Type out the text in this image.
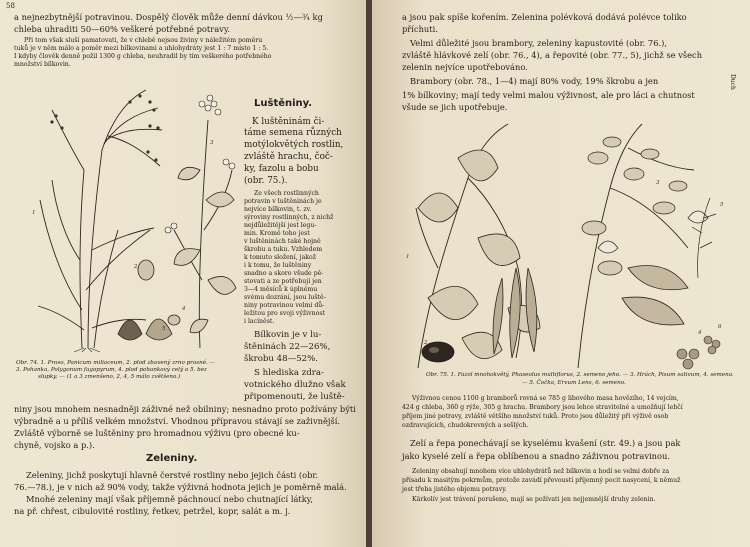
58
a nejnezbytnější potravinou. Dospělý člověk může denní dávkou ½—¾ kg
chleba uhraditi 50—60% veškeré potřebné potravy.
Při tom však sluší pamatovati, že v chlebě nejsou živiny v náležitém poměru
tuků je v něm málo a poměr mezi bílkovinami a uhlohydráty jest 1 : 7 místo 1 : 5.
I kdyby člověk denně požil 1300 g chleba, neuhradil by tím veškerého potřebného
množství bílkovin.
1
2
3
4
5
Luštěniny.
K luštěninám či-
táme semena různých
motýlokvětých rostlin,
zvláště hrachu, čoč-
ky, fazolu a bobu
(obr. 75.).
Ze všech rostlinných
potravin v luštěninách je
nejvíce bílkovin, t. zv.
sýroviny rostlinných, z nichž
nejdůležitější jest legu-
min. Kromě toho jest
v luštěninách také hojně
škrobu a tuku. Vzhledem
k tomuto složení, jakož
i k tomu, že luštěniny
snadno a skoro všude pě-
stovati a ze potřebují jen
3—4 měsíců k úplnému
svému dozrání, jsou luště-
niny potravinou velmi dů-
ležitou pro svoji výživnost
i laciněst.
Bílkovin je v lu-
štěninách 22—26%,
škrobu 48—52%.
S hlediska zdra-
votnického dlužno však
připomenouti, že luště-
Obr. 74. 1. Proso, Panicum miliaceum, 2. plod zbavený zrno prosné. —
3. Pohanka, Polygonum fagopyrum, 4. plod pohankový celý a 5. bez
slupky. — (1 a 3 zmenšeno, 2, 4, 5 málo zvětšeno.)
niny jsou mnohem nesnadněji záživné než obilniny; nesnadno proto požívány býti
výbradně a u příliš velkém množství. Vhodnou přípravou stávají se zaživnější.
Zvláště výborně se luštěniny pro hromadnou výživu (pro obecné ku-
chyně, vojsko a p.).
Zeleniny.
Zeleniny, jichž poskytují hlavně čerstvé rostliny nebo jejich části (obr.
76.—78.), je v nich až 90% vody, takže výživná hodnota jejich je poměrně malá.
Mnohé zeleniny mají však příjemně páchnoucí nebo chutnající látky,
na př. chřest, cibulovité rostliny, řetkev, petržel, kopr, salát a m. j.
a jsou pak spíše kořením. Zelenina polévková dodává polévce toliko
příchuti.
Velmi důležité jsou brambory, zeleniny kapustovité (obr. 76.),
zvláště hlávkové zelí (obr. 76., 4), a řepovité (obr. 77., 5), jichž se všech
zelenin nejvíce upotřebováno.
Brambory (obr. 78., 1—4) mají 80% vody, 19% škrobu a jen
1% bílkoviny; mají tedy velmi malou výživnost, ale pro láci a chutnost
všude se jich upotřebuje.
Duch
1
2
3
4
5
6
Obr. 75. 1. Fazol mnohokvětý, Phaseolus multiflorus, 2. semeno jeho. — 3. Hrách, Pisum sativum, 4. semena.
— 5. Čočka, Ervum Lens, 6. semeno.
Výživnou cenou 1100 g bramborů rovná se 785 g libového masa hovězího, 14 vejcím,
424 g chleba, 360 g rýže, 305 g hrachu. Brambory jsou lehce stravitelné a umožňují lehčí
příjem jiné potravy, zvláště většího množství tuků. Proto jsou důležitý při výživě osob
ozdravujících, chudokrevných a sešlých.
Zelí a řepa ponechávají se kyselému kvašení (str. 49.) a jsou pak
jako kyselé zelí a řepa oblíbenou a snadno záživnou potravinou.
Zeleniny obsahují mnohem více uhlohydrátů než bílkovin a hodí se velmi dobře za
přísadu k masitým pokrmům, protože zavádí převoustí příjemný pocit nasycení, k němuž
jest třeba jistého objemu potravy.
Kärkolív jest trávení porušeno, mají se požívati jen nejjemnější druhy zelenin.
